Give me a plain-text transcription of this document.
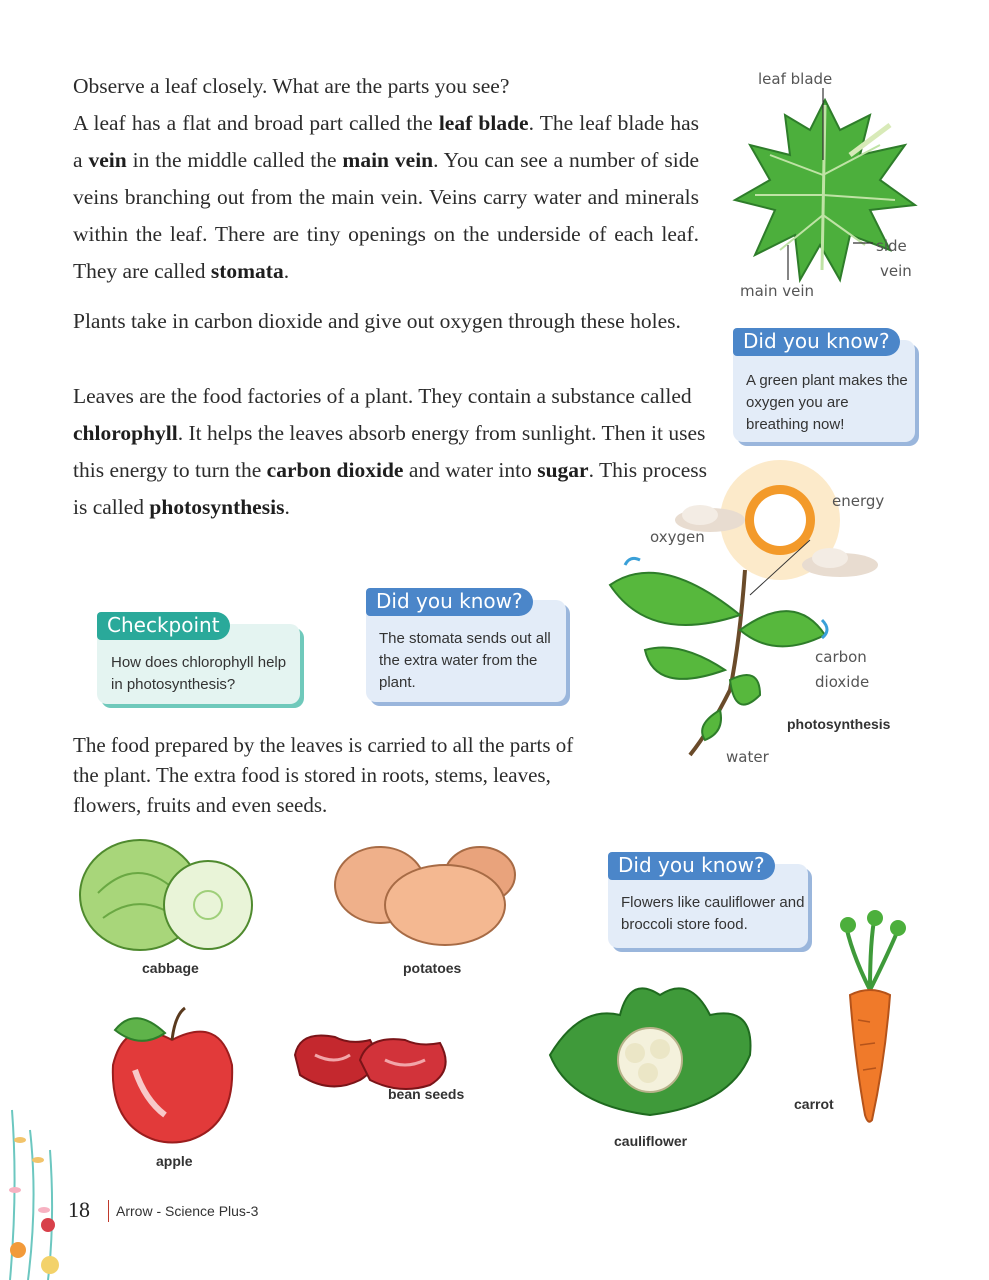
Observe a leaf closely. What are the parts you see?

A leaf has a flat and broad part called the leaf blade. The leaf blade has a vein in the middle called the main vein. You can see a number of side veins branching out from the main vein. Veins carry water and minerals within the leaf. There are tiny openings on the underside of each leaf. They are called stomata.

Plants take in carbon dioxide and give out oxygen through these holes.

Leaves are the food factories of a plant. They contain a substance called chlorophyll. It helps the leaves absorb energy from sunlight. Then it uses this energy to turn the carbon dioxide and water into sugar. This process is called photosynthesis.

leaf blade
side
vein
main vein
Did you know?
A green plant makes the oxygen you are breathing now!
energy
oxygen
carbon
dioxide
water
photosynthesis
Checkpoint
How does chlorophyll help in photosynthesis?
Did you know?
The stomata sends out all the extra water from the plant.

The food prepared by the leaves is carried to all the parts of the plant. The extra food is stored in roots, stems, leaves, flowers, fruits and even seeds.

Did you know?
Flowers like cauliflower and broccoli store food.
cabbage	potatoes
apple
bean seeds
cauliflower
carrot
18 Arrow - Science Plus-3
